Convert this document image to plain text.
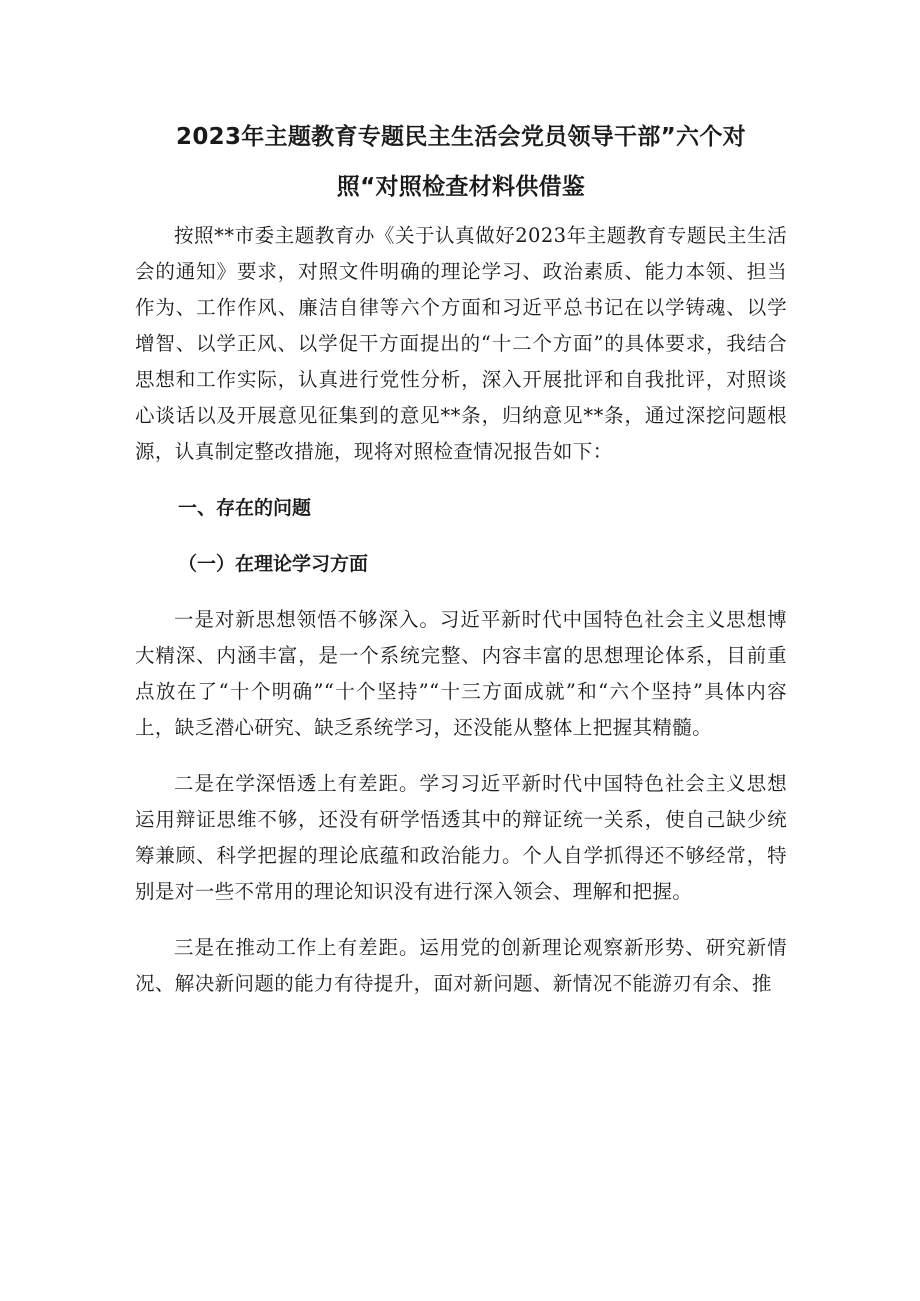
2023年主题教育专题民主生活会党员领导干部”六个对
照“对照检查材料供借鉴

按照**市委主题教育办《关于认真做好2023年主题教育专题民主生活会的通知》要求，对照文件明确的理论学习、政治素质、能力本领、担当作为、工作作风、廉洁自律等六个方面和习近平总书记在以学铸魂、以学增智、以学正风、以学促干方面提出的“十二个方面”的具体要求，我结合思想和工作实际，认真进行党性分析，深入开展批评和自我批评，对照谈心谈话以及开展意见征集到的意见**条，归纳意见**条，通过深挖问题根源，认真制定整改措施，现将对照检查情况报告如下：

一、存在的问题
（一）在理论学习方面

一是对新思想领悟不够深入。习近平新时代中国特色社会主义思想博大精深、内涵丰富，是一个系统完整、内容丰富的思想理论体系，目前重点放在了“十个明确”“十个坚持”“十三方面成就”和“六个坚持”具体内容上，缺乏潜心研究、缺乏系统学习，还没能从整体上把握其精髓。

二是在学深悟透上有差距。学习习近平新时代中国特色社会主义思想运用辩证思维不够，还没有研学悟透其中的辩证统一关系，使自己缺少统筹兼顾、科学把握的理论底蕴和政治能力。个人自学抓得还不够经常，特别是对一些不常用的理论知识没有进行深入领会、理解和把握。

三是在推动工作上有差距。运用党的创新理论观察新形势、研究新情况、解决新问题的能力有待提升，面对新问题、新情况不能游刃有余、推
